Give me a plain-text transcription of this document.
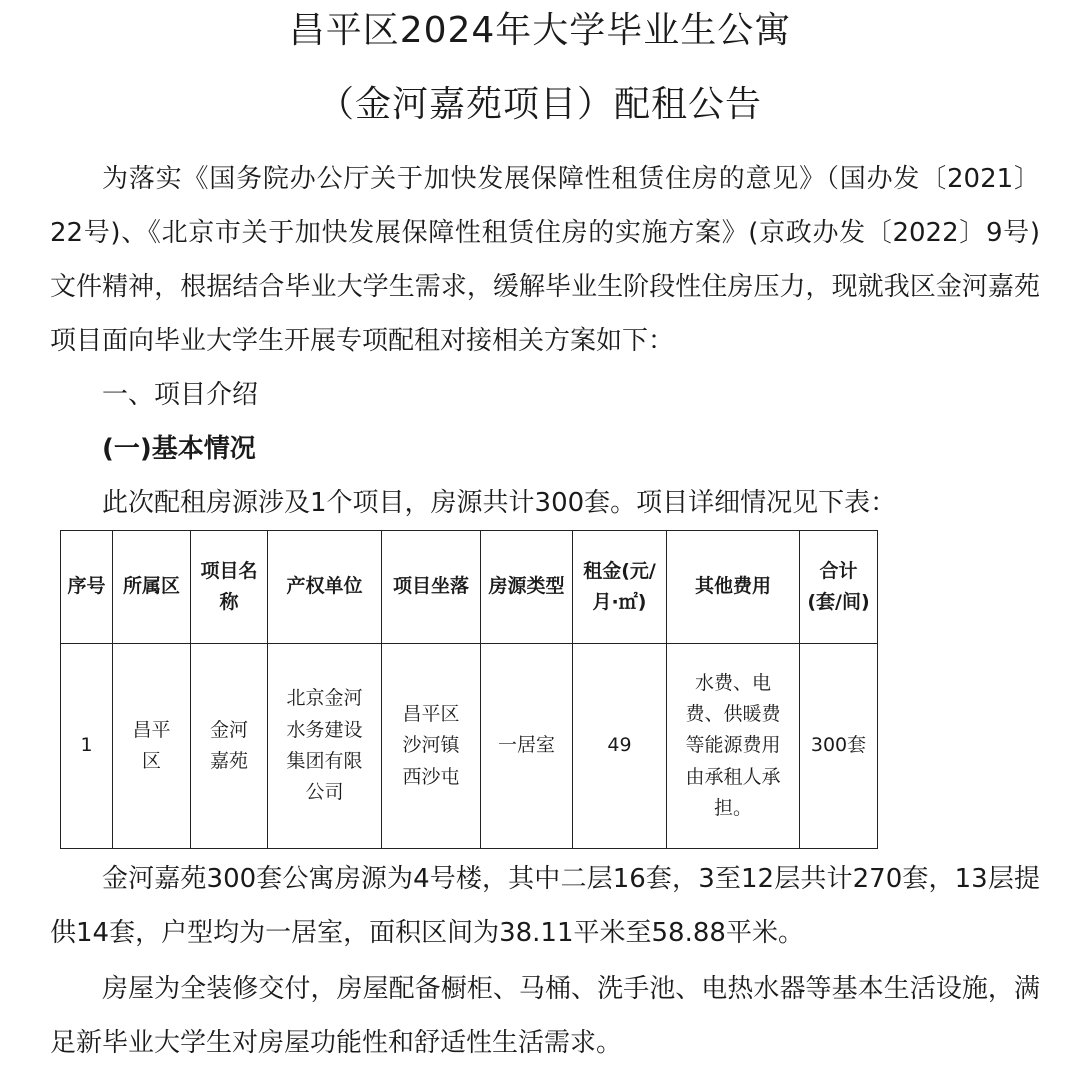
昌平区2024年大学毕业生公寓
（金河嘉苑项目）配租公告
为落实《国务院办公厅关于加快发展保障性租赁住房的意见》（国办发〔2021〕22号)、《北京市关于加快发展保障性租赁住房的实施方案》(京政办发〔2022〕9号)文件精神，根据结合毕业大学生需求，缓解毕业生阶段性住房压力，现就我区金河嘉苑项目面向毕业大学生开展专项配租对接相关方案如下：
一、项目介绍
(一)基本情况
此次配租房源涉及1个项目，房源共计300套。项目详细情况见下表：
序号	所属区	项目名称	产权单位	项目坐落	房源类型	租金(元/月·㎡)	其他费用	合计(套/间)
1	昌平区	金河嘉苑	北京金河水务建设集团有限公司	昌平区沙河镇西沙屯	一居室	49	水费、电费、供暖费等能源费用由承租人承担。	300套
金河嘉苑300套公寓房源为4号楼，其中二层16套，3至12层共计270套，13层提供14套，户型均为一居室，面积区间为38.11平米至58.88平米。
房屋为全装修交付，房屋配备橱柜、马桶、洗手池、电热水器等基本生活设施，满足新毕业大学生对房屋功能性和舒适性生活需求。
